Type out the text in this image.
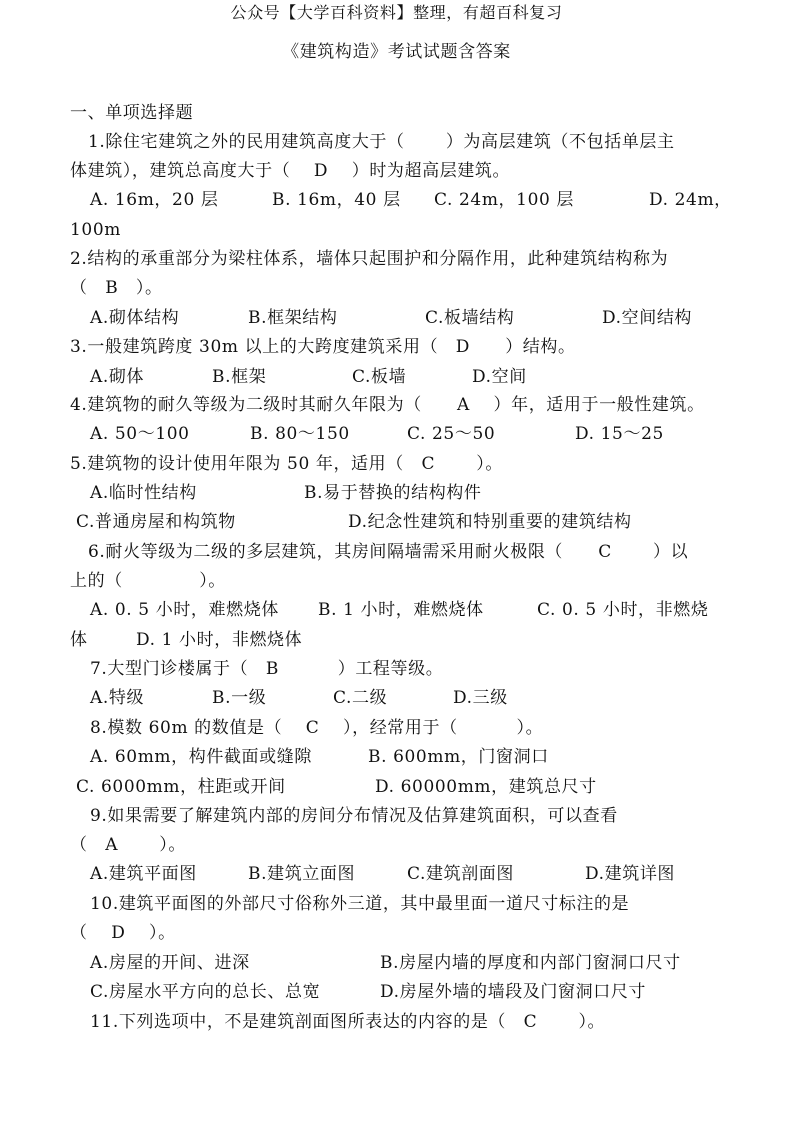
公众号【大学百科资料】整理，有超百科复习
《建筑构造》考试试题含答案
一、单项选择题
1.除住宅建筑之外的民用建筑高度大于（　　 ）为高层建筑（不包括单层主
体建筑），建筑总高度大于（　 D　 ）时为超高层建筑。
A. 16m，20 层	B. 16m，40 层 C. 24m，100 层	D. 24m，
100m
2.结构的承重部分为梁柱体系，墙体只起围护和分隔作用，此种建筑结构称为
（　B　）。
A.砌体结构	B.框架结构	C.板墙结构	D.空间结构
3.一般建筑跨度 30m 以上的大跨度建筑采用（　D　　）结构。
A.砌体	B.框架	C.板墙	D.空间
4.建筑物的耐久等级为二级时其耐久年限为（　　A　 ）年，适用于一般性建筑。
A. 50～100	B. 80～150	C. 25～50	D. 15～25
5.建筑物的设计使用年限为 50 年，适用（　C　　 ）。
A.临时性结构	B.易于替换的结构构件
C.普通房屋和构筑物	D.纪念性建筑和特别重要的建筑结构
6.耐火等级为二级的多层建筑，其房间隔墙需采用耐火极限（　　C　　 ）以
上的（　　　　 ）。
A. 0. 5 小时，难燃烧体 B. 1 小时，难燃烧体	C. 0. 5 小时，非燃烧
体	D. 1 小时，非燃烧体
7.大型门诊楼属于（　B　　　 ）工程等级。
A.特级	B.一级	C.二级	D.三级
8.模数 60m 的数值是（　 C　 ），经常用于（　　　 ）。
A. 60mm，构件截面或缝隙	B. 600mm，门窗洞口
C. 6000mm，柱距或开间	D. 60000mm，建筑总尺寸
9.如果需要了解建筑内部的房间分布情况及估算建筑面积，可以查看
（　A　　 ）。
A.建筑平面图	B.建筑立面图	C.建筑剖面图	D.建筑详图
10.建筑平面图的外部尺寸俗称外三道，其中最里面一道尺寸标注的是
（　 D　 ）。
A.房屋的开间、进深	B.房屋内墙的厚度和内部门窗洞口尺寸
C.房屋水平方向的总长、总宽	D.房屋外墙的墙段及门窗洞口尺寸
11.下列选项中，不是建筑剖面图所表达的内容的是（　C　　 ）。
